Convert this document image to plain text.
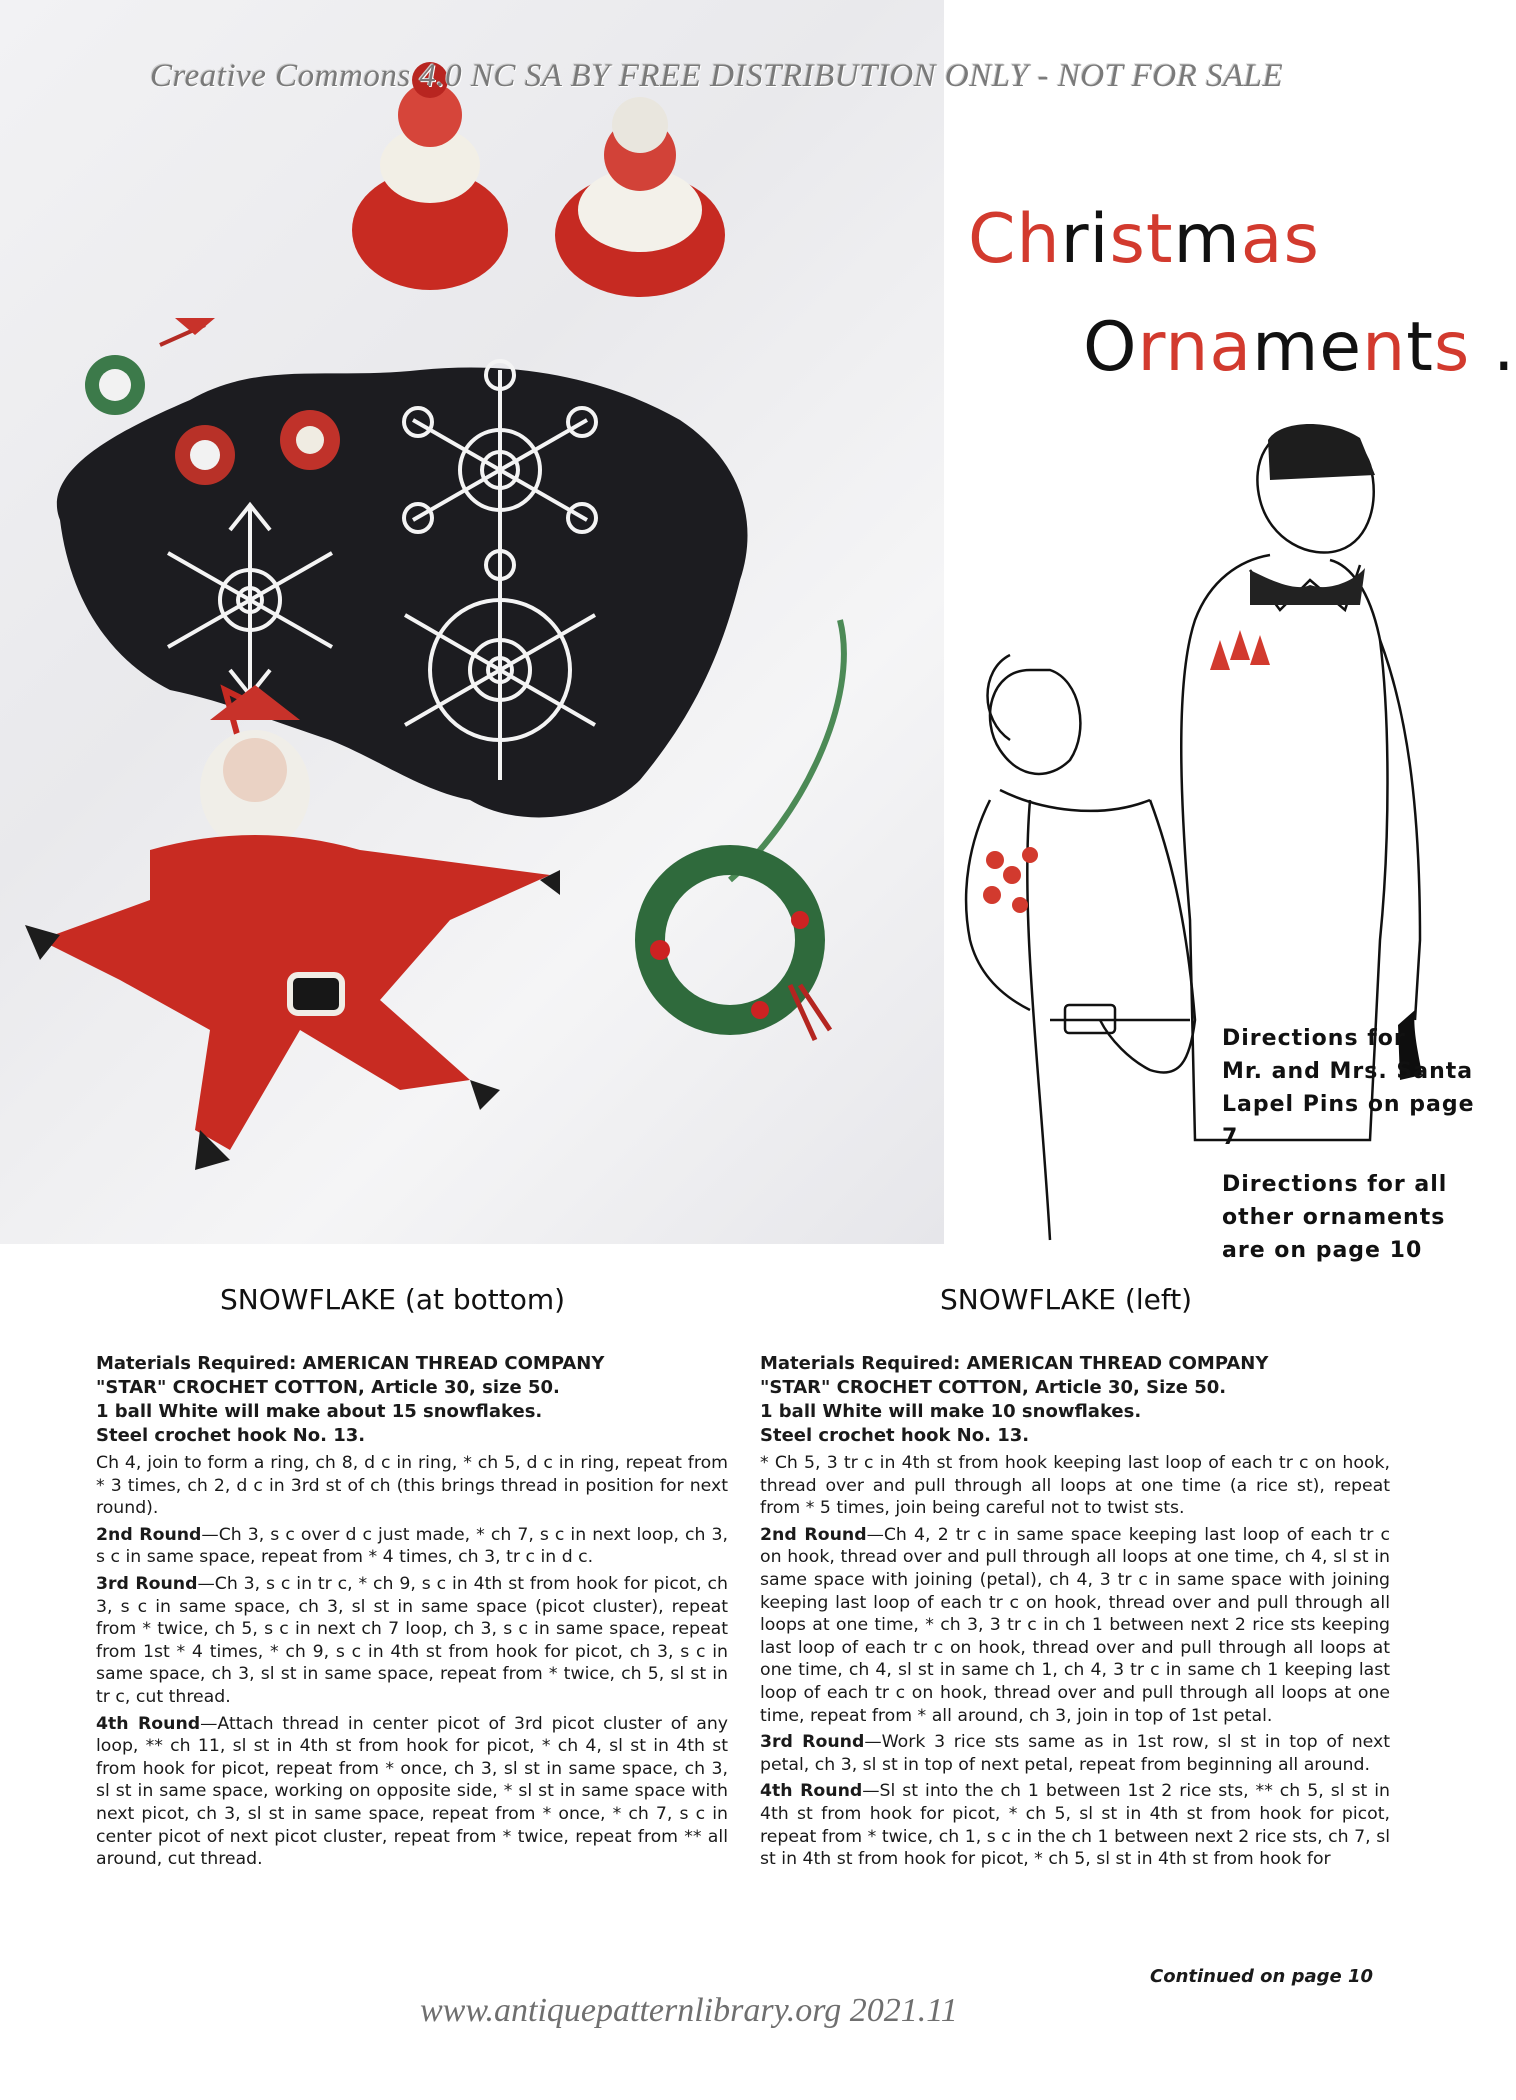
Creative Commons 4.0 NC SA BY FREE DISTRIBUTION ONLY - NOT FOR SALE
Christmas
Ornaments .

Directions for
Mr. and Mrs. Santa
Lapel Pins on page 7

Directions for all
other ornaments
are on page 10

SNOWFLAKE (at bottom)

Materials Required: AMERICAN THREAD COMPANY
"STAR" CROCHET COTTON, Article 30, size 50.
1 ball White will make about 15 snowflakes.
Steel crochet hook No. 13.

Ch 4, join to form a ring, ch 8, d c in ring, * ch 5, d c in ring, repeat from * 3 times, ch 2, d c in 3rd st of ch (this brings thread in position for next round).

2nd Round—Ch 3, s c over d c just made, * ch 7, s c in next loop, ch 3, s c in same space, repeat from * 4 times, ch 3, tr c in d c.

3rd Round—Ch 3, s c in tr c, * ch 9, s c in 4th st from hook for picot, ch 3, s c in same space, ch 3, sl st in same space (picot cluster), repeat from * twice, ch 5, s c in next ch 7 loop, ch 3, s c in same space, repeat from 1st * 4 times, * ch 9, s c in 4th st from hook for picot, ch 3, s c in same space, ch 3, sl st in same space, repeat from * twice, ch 5, sl st in tr c, cut thread.

4th Round—Attach thread in center picot of 3rd picot cluster of any loop, ** ch 11, sl st in 4th st from hook for picot, * ch 4, sl st in 4th st from hook for picot, repeat from * once, ch 3, sl st in same space, ch 3, sl st in same space, working on opposite side, * sl st in same space with next picot, ch 3, sl st in same space, repeat from * once, * ch 7, s c in center picot of next picot cluster, repeat from * twice, repeat from ** all around, cut thread.

SNOWFLAKE (left)

Materials Required: AMERICAN THREAD COMPANY
"STAR" CROCHET COTTON, Article 30, Size 50.
1 ball White will make 10 snowflakes.
Steel crochet hook No. 13.

* Ch 5, 3 tr c in 4th st from hook keeping last loop of each tr c on hook, thread over and pull through all loops at one time (a rice st), repeat from * 5 times, join being careful not to twist sts.

2nd Round—Ch 4, 2 tr c in same space keeping last loop of each tr c on hook, thread over and pull through all loops at one time, ch 4, sl st in same space with joining (petal), ch 4, 3 tr c in same space with joining keeping last loop of each tr c on hook, thread over and pull through all loops at one time, * ch 3, 3 tr c in ch 1 between next 2 rice sts keeping last loop of each tr c on hook, thread over and pull through all loops at one time, ch 4, sl st in same ch 1, ch 4, 3 tr c in same ch 1 keeping last loop of each tr c on hook, thread over and pull through all loops at one time, repeat from * all around, ch 3, join in top of 1st petal.

3rd Round—Work 3 rice sts same as in 1st row, sl st in top of next petal, ch 3, sl st in top of next petal, repeat from beginning all around.

4th Round—Sl st into the ch 1 between 1st 2 rice sts, ** ch 5, sl st in 4th st from hook for picot, * ch 5, sl st in 4th st from hook for picot, repeat from * twice, ch 1, s c in the ch 1 between next 2 rice sts, ch 7, sl st in 4th st from hook for picot, * ch 5, sl st in 4th st from hook for

Continued on page 10
www.antiquepatternlibrary.org 2021.11
